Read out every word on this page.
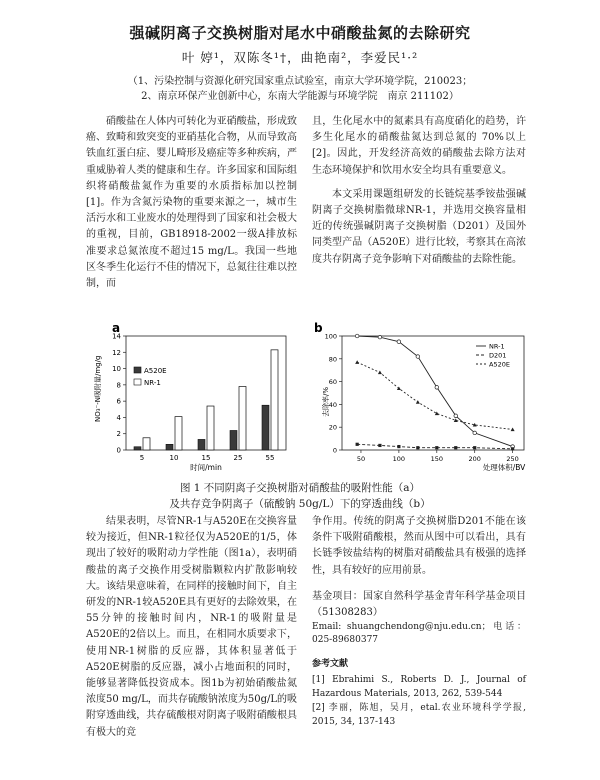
强碱阴离子交换树脂对尾水中硝酸盐氮的去除研究
叶 婷¹，双陈冬¹†，曲艳南²，李爱民¹·²
（1、污染控制与资源化研究国家重点试验室，南京大学环境学院，210023；
2、南京环保产业创新中心，东南大学能源与环境学院　南京 211102）

硝酸盐在人体内可转化为亚硝酸盐，形成致癌、致畸和致突变的亚硝基化合物，从而导致高铁血红蛋白症、婴儿畸形及癌症等多种疾病，严重威胁着人类的健康和生存。许多国家和国际组织将硝酸盐氮作为重要的水质指标加以控制[1]。作为含氮污染物的重要来源之一，城市生活污水和工业废水的处理得到了国家和社会极大的重视，目前，GB18918-2002一级A排放标准要求总氮浓度不超过15 mg/L。我国一些地区冬季生化运行不佳的情况下，总氮往往难以控制，而

且，生化尾水中的氮素具有高度硝化的趋势，许多生化尾水的硝酸盐氮达到总氮的 70%以上[2]。因此，开发经济高效的硝酸盐去除方法对生态环境保护和饮用水安全均具有重要意义。

本文采用课题组研发的长链烷基季铵盐强碱阴离子交换树脂微球NR-1，并选用交换容量相近的传统强碱阴离子交换树脂（D201）及国外同类型产品（A520E）进行比较，考察其在高浓度共存阴离子竞争影响下对硝酸盐的去除性能。

a
0
2
4
6
8
10
12
14
5	10	15	25	55
A520E
NR-1
NO₃⁻-N吸附量/mg/g
时间/min
b
0
20
40
60
80
100
50	100	150	200	250
NR-1
D201
A520E
去除率/%
处理体积/BV
图 1 不同阴离子交换树脂对硝酸盐的吸附性能（a）
及共存竞争阴离子（硫酸钠 50g/L）下的穿透曲线（b）

结果表明，尽管NR-1与A520E在交换容量较为接近，但NR-1粒径仅为A520E的1/5，体现出了较好的吸附动力学性能（图1a），表明硝酸盐的离子交换作用受树脂颗粒内扩散影响较大。该结果意味着，在同样的接触时间下，自主研发的NR-1较A520E具有更好的去除效果，在55分钟的接触时间内，NR-1的吸附量是A520E的2倍以上。而且，在相同水质要求下，使用NR-1树脂的反应器，其体积显著低于A520E树脂的反应器，减小占地面积的同时，能够显著降低投资成本。图1b为初始硝酸盐氮浓度50 mg/L，而共存硫酸钠浓度为50g/L的吸附穿透曲线，共存硫酸根对阴离子吸附硝酸根具有极大的竞

争作用。传统的阴离子交换树脂D201不能在该条件下吸附硝酸根，然而从图中可以看出，具有长链季铵盐结构的树脂对硝酸盐具有极强的选择性，具有较好的应用前景。

基金项目：国家自然科学基金青年科学基金项目（51308283）

Email: shuangchendong@nju.edu.cn；电话：025-89680377

参考文献
[1] Ebrahimi S., Roberts D. J., Journal of Hazardous Materials, 2013, 262, 539-544
[2] 李丽，陈旭，吴月，etal.农业环境科学学报, 2015, 34, 137-143
